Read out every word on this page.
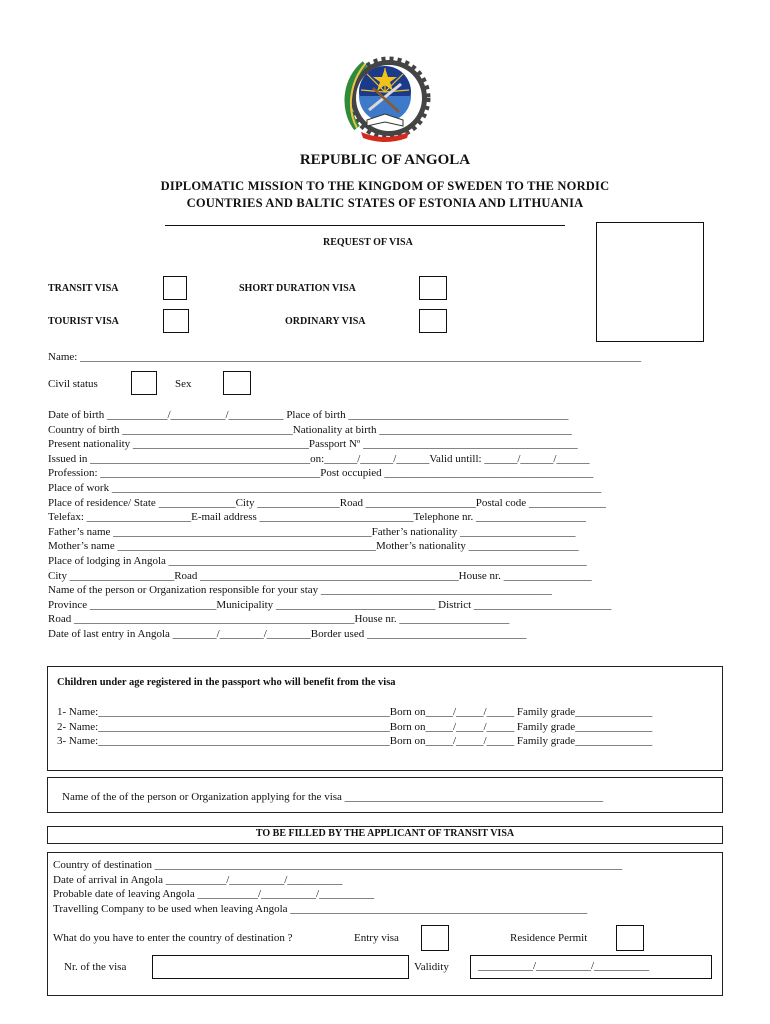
REPUBLIC OF ANGOLA
DIPLOMATIC MISSION TO THE KINGDOM OF SWEDEN TO THE NORDIC
COUNTRIES AND BALTIC STATES OF ESTONIA AND LITHUANIA
REQUEST OF VISA
TRANSIT VISA	SHORT DURATION VISA
TOURIST VISA	ORDINARY VISA
Name: ______________________________________________________________________________________________________
Civil status	Sex
Date of birth ___________/__________/__________ Place of birth ________________________________________
Country of birth _______________________________Nationality at birth ___________________________________
Present nationality ________________________________Passport Nº _______________________________________
Issued in ________________________________________on:______/______/______Valid untill: ______/______/______
Profession: ________________________________________Post occupied ______________________________________
Place of work _________________________________________________________________________________________
Place of residence/ State ______________City _______________Road ____________________Postal code ______________
Telefax: ___________________E-mail address ____________________________Telephone nr. ____________________
Father’s name _______________________________________________Father’s nationality _____________________
Mother’s name _______________________________________________Mother’s nationality ____________________
Place of lodging in Angola ____________________________________________________________________________
City ___________________Road _______________________________________________House nr. ________________
Name of the person or Organization responsible for your stay __________________________________________
Province _______________________Municipality _____________________________ District _________________________
Road ___________________________________________________House nr. ____________________
Date of last entry in Angola ________/________/________Border used _____________________________
Children under age registered in the passport who will benefit from the visa
1- Name:_____________________________________________________Born on_____/_____/_____ Family grade______________
2- Name:_____________________________________________________Born on_____/_____/_____ Family grade______________
3- Name:_____________________________________________________Born on_____/_____/_____ Family grade______________
Name of the of the person or Organization applying for the visa _______________________________________________
TO BE FILLED BY THE APPLICANT OF TRANSIT VISA
Country of destination _____________________________________________________________________________________
Date of arrival in Angola ___________/__________/__________
Probable date of leaving Angola ___________/__________/__________
Travelling Company to be used when leaving Angola ______________________________________________________
What do you have to enter the country of destination ?	Entry visa	Residence Permit
Nr. of the visa	Validity	__________/__________/__________
